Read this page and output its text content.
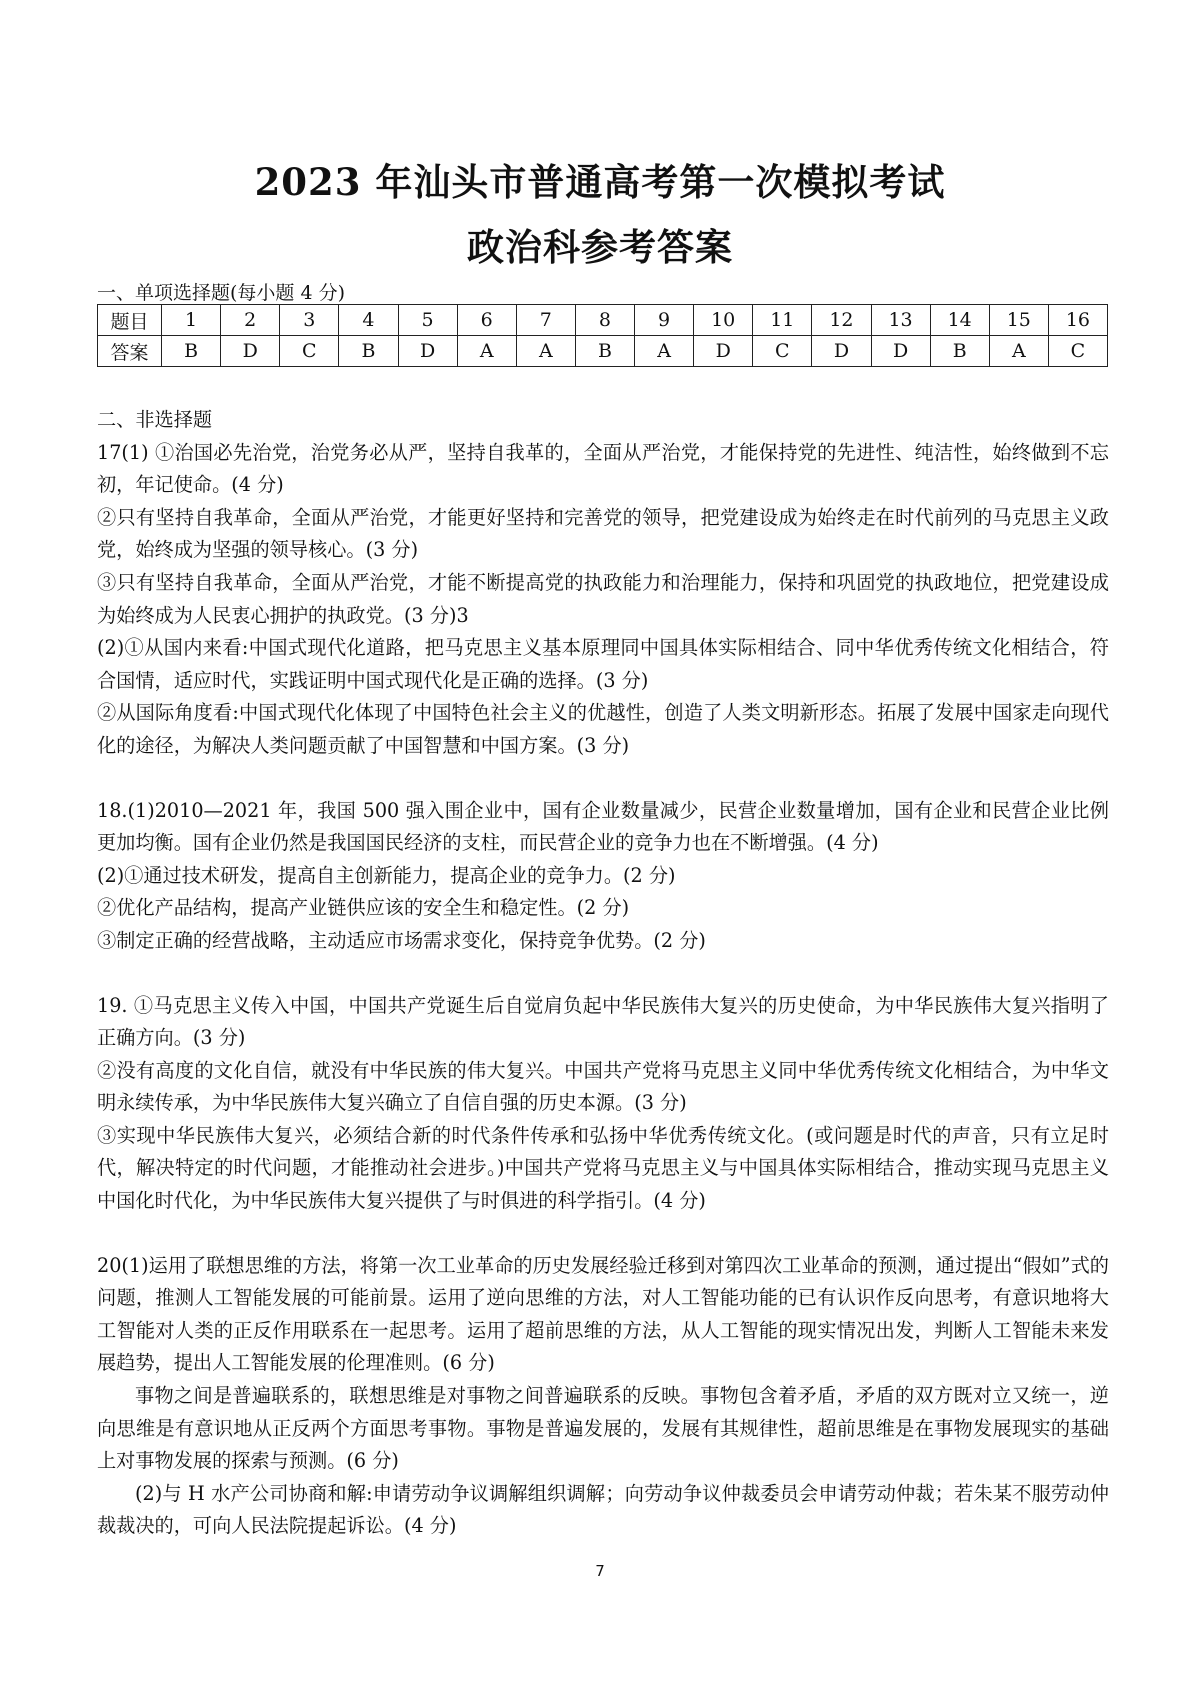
2023 年汕头市普通高考第一次模拟考试
政治科参考答案
一、单项选择题(每小题 4 分)
题目	1	2	3	4	5	6	7	8	9	10	11	12	13	14	15	16
答案	B	D	C	B	D	A	A	B	A	D	C	D	D	B	A	C

二、非选择题

17(1) ①治国必先治党，治党务必从严，坚持自我革的，全面从严治党，才能保持党的先进性、纯洁性，始终做到不忘初，年记使命。(4 分)

②只有坚持自我革命，全面从严治党，才能更好坚持和完善党的领导，把党建设成为始终走在时代前列的马克思主义政党，始终成为坚强的领导核心。(3 分)

③只有坚持自我革命，全面从严治党，才能不断提高党的执政能力和治理能力，保持和巩固党的执政地位，把党建设成为始终成为人民衷心拥护的执政党。(3 分)3

(2)①从国内来看:中国式现代化道路，把马克思主义基本原理同中国具体实际相结合、同中华优秀传统文化相结合，符合国情，适应时代，实践证明中国式现代化是正确的选择。(3 分)

②从国际角度看:中国式现代化体现了中国特色社会主义的优越性，创造了人类文明新形态。拓展了发展中国家走向现代化的途径，为解决人类问题贡献了中国智慧和中国方案。(3 分)

18.(1)2010—2021 年，我国 500 强入围企业中，国有企业数量减少，民营企业数量增加，国有企业和民营企业比例更加均衡。国有企业仍然是我国国民经济的支柱，而民营企业的竞争力也在不断增强。(4 分)

(2)①通过技术研发，提高自主创新能力，提高企业的竞争力。(2 分)

②优化产品结构，提高产业链供应该的安全生和稳定性。(2 分)

③制定正确的经营战略，主动适应市场需求变化，保持竞争优势。(2 分)

19. ①马克思主义传入中国，中国共产党诞生后自觉肩负起中华民族伟大复兴的历史使命，为中华民族伟大复兴指明了正确方向。(3 分)

②没有高度的文化自信，就没有中华民族的伟大复兴。中国共产党将马克思主义同中华优秀传统文化相结合，为中华文明永续传承，为中华民族伟大复兴确立了自信自强的历史本源。(3 分)

③实现中华民族伟大复兴，必须结合新的时代条件传承和弘扬中华优秀传统文化。(或问题是时代的声音，只有立足时代，解决特定的时代问题，才能推动社会进步。)中国共产党将马克思主义与中国具体实际相结合，推动实现马克思主义中国化时代化，为中华民族伟大复兴提供了与时俱进的科学指引。(4 分)

20(1)运用了联想思维的方法，将第一次工业革命的历史发展经验迁移到对第四次工业革命的预测，通过提出“假如”式的问题，推测人工智能发展的可能前景。运用了逆向思维的方法，对人工智能功能的已有认识作反向思考，有意识地将大工智能对人类的正反作用联系在一起思考。运用了超前思维的方法，从人工智能的现实情况出发，判断人工智能未来发展趋势，提出人工智能发展的伦理准则。(6 分)

事物之间是普遍联系的，联想思维是对事物之间普遍联系的反映。事物包含着矛盾，矛盾的双方既对立又统一，逆向思维是有意识地从正反两个方面思考事物。事物是普遍发展的，发展有其规律性，超前思维是在事物发展现实的基础上对事物发展的探索与预测。(6 分)

(2)与 H 水产公司协商和解:申请劳动争议调解组织调解；向劳动争议仲裁委员会申请劳动仲裁；若朱某不服劳动仲裁裁决的，可向人民法院提起诉讼。(4 分)

7
